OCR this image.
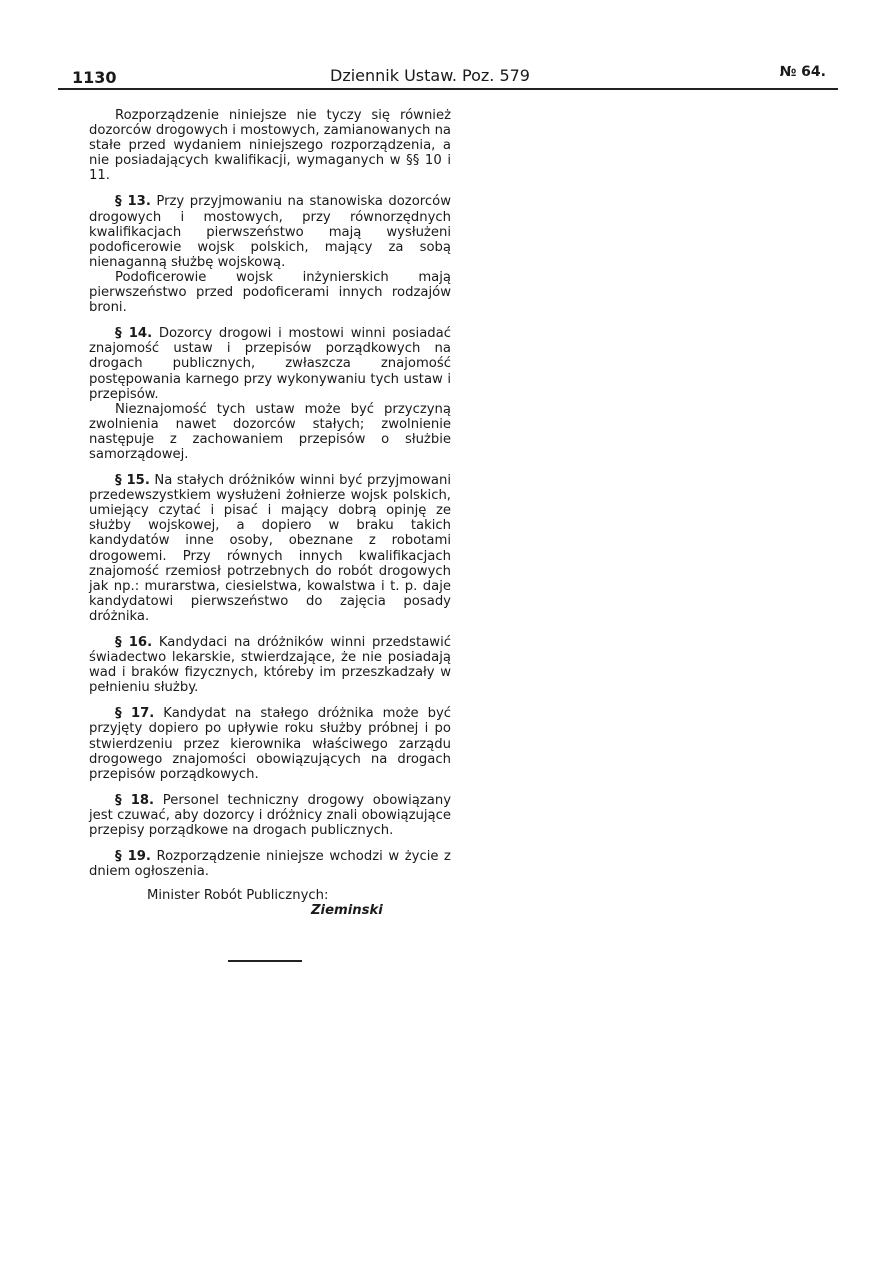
1130	Dziennik Ustaw. Poz. 579	№ 64.

Rozporządzenie niniejsze nie tyczy się również dozorców drogowych i mostowych, zamianowanych na stałe przed wydaniem niniejszego rozporządzenia, a nie posiadających kwalifikacji, wymaganych w §§ 10 i 11.

§ 13. Przy przyjmowaniu na stanowiska dozorców drogowych i mostowych, przy równorzędnych kwalifikacjach pierwszeństwo mają wysłużeni podoficerowie wojsk polskich, mający za sobą nienaganną służbę wojskową.

Podoficerowie wojsk inżynierskich mają pierwszeństwo przed podoficerami innych rodzajów broni.

§ 14. Dozorcy drogowi i mostowi winni posiadać znajomość ustaw i przepisów porządkowych na drogach publicznych, zwłaszcza znajomość postępowania karnego przy wykonywaniu tych ustaw i przepisów.

Nieznajomość tych ustaw może być przyczyną zwolnienia nawet dozorców stałych; zwolnienie następuje z zachowaniem przepisów o służbie samorządowej.

§ 15. Na stałych dróżników winni być przyjmowani przedewszystkiem wysłużeni żołnierze wojsk polskich, umiejący czytać i pisać i mający dobrą opinję ze służby wojskowej, a dopiero w braku takich kandydatów inne osoby, obeznane z robotami drogowemi. Przy równych innych kwalifikacjach znajomość rzemiosł potrzebnych do robót drogowych jak np.: murarstwa, ciesielstwa, kowalstwa i t. p. daje kandydatowi pierwszeństwo do zajęcia posady dróżnika.

§ 16. Kandydaci na dróżników winni przedstawić świadectwo lekarskie, stwierdzające, że nie posiadają wad i braków fizycznych, któreby im przeszkadzały w pełnieniu służby.

§ 17. Kandydat na stałego dróżnika może być przyjęty dopiero po upływie roku służby próbnej i po stwierdzeniu przez kierownika właściwego zarządu drogowego znajomości obowiązujących na drogach przepisów porządkowych.

§ 18. Personel techniczny drogowy obowiązany jest czuwać, aby dozorcy i dróżnicy znali obowiązujące przepisy porządkowe na drogach publicznych.

§ 19. Rozporządzenie niniejsze wchodzi w życie z dniem ogłoszenia.

Minister Robót Publicznych:
Zieminski
